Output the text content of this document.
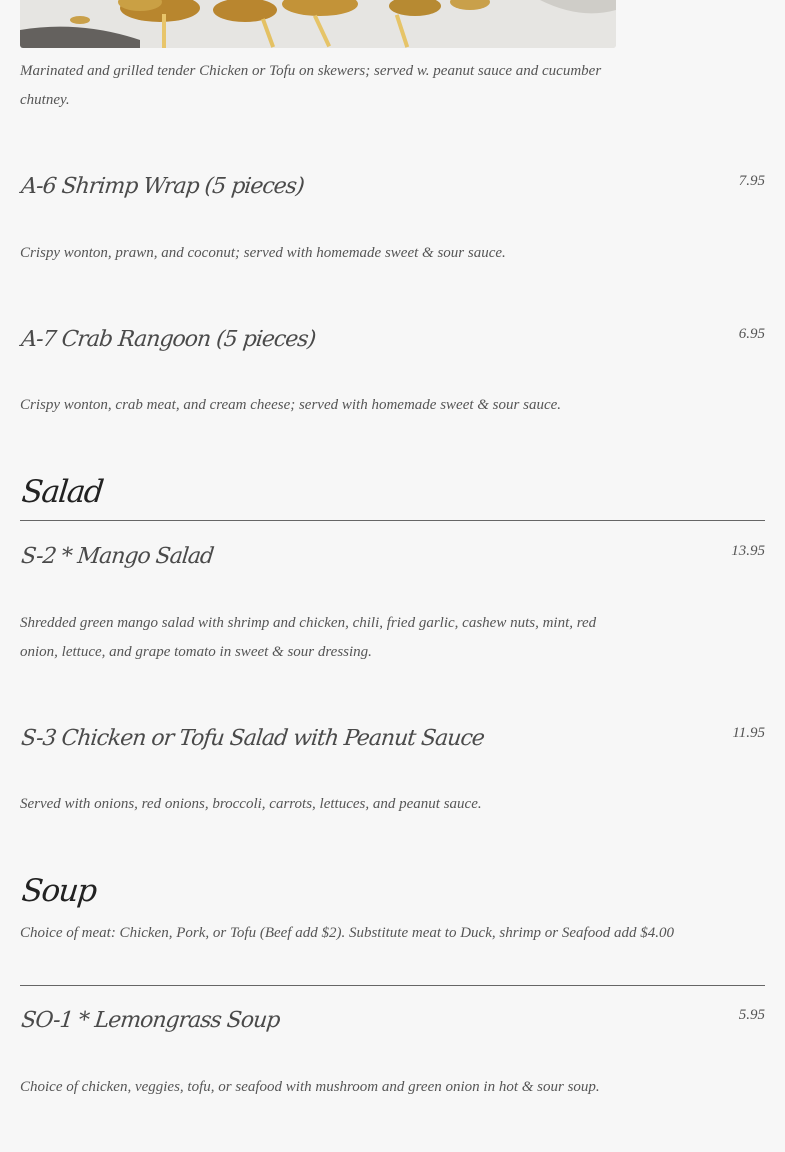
Marinated and grilled tender Chicken or Tofu on skewers; served w. peanut sauce and cucumber chutney.
A-6 Shrimp Wrap (5 pieces)	7.95
Crispy wonton, prawn, and coconut; served with homemade sweet & sour sauce.
A-7 Crab Rangoon (5 pieces)	6.95
Crispy wonton, crab meat, and cream cheese; served with homemade sweet & sour sauce.
Salad
S-2 * Mango Salad	13.95
Shredded green mango salad with shrimp and chicken, chili, fried garlic, cashew nuts, mint, red onion, lettuce, and grape tomato in sweet & sour dressing.
S-3 Chicken or Tofu Salad with Peanut Sauce	11.95
Served with onions, red onions, broccoli, carrots, lettuces, and peanut sauce.
Soup
Choice of meat: Chicken, Pork, or Tofu (Beef add $2). Substitute meat to Duck, shrimp or Seafood add $4.00
SO-1 * Lemongrass Soup	5.95
Choice of chicken, veggies, tofu, or seafood with mushroom and green onion in hot & sour soup.
